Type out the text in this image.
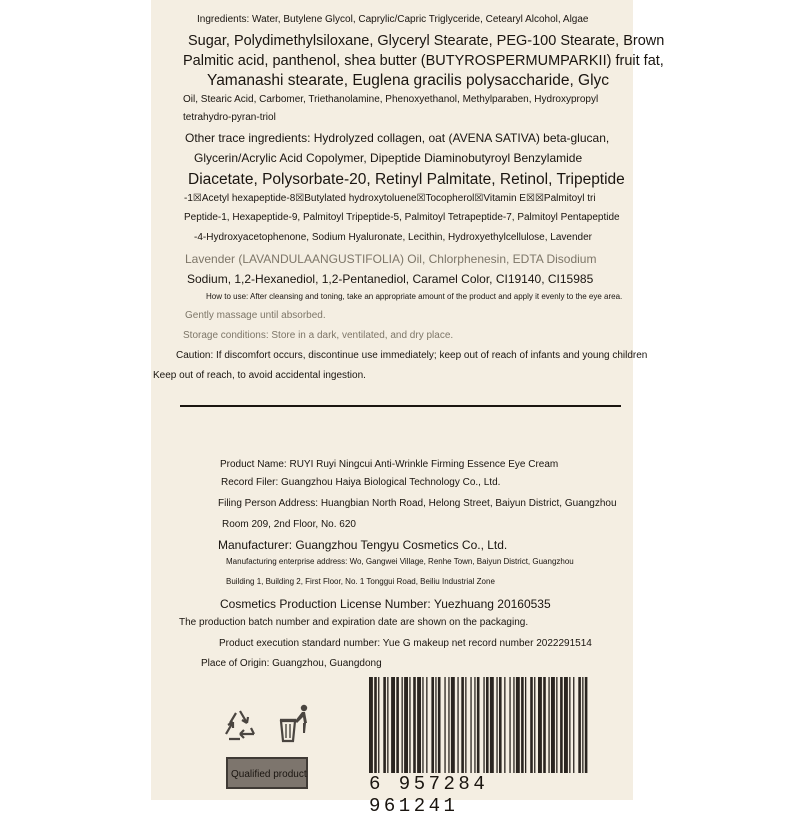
Ingredients: Water, Butylene Glycol, Caprylic/Capric Triglyceride, Cetearyl Alcohol, Algae
Sugar, Polydimethylsiloxane, Glyceryl Stearate, PEG-100 Stearate, Brown
Palmitic acid, panthenol, shea butter (BUTYROSPERMUMPARKII) fruit fat,
Yamanashi stearate, Euglena gracilis polysaccharide, Glyc
Oil, Stearic Acid, Carbomer, Triethanolamine, Phenoxyethanol, Methylparaben, Hydroxypropyl
tetrahydro-pyran-triol
Other trace ingredients: Hydrolyzed collagen, oat (AVENA SATIVA) beta-glucan,
Glycerin/Acrylic Acid Copolymer, Dipeptide Diaminobutyroyl Benzylamide
Diacetate, Polysorbate-20, Retinyl Palmitate, Retinol, Tripeptide
-1☒Acetyl hexapeptide-8☒Butylated hydroxytoluene☒Tocopherol☒Vitamin E☒☒Palmitoyl tri
Peptide-1, Hexapeptide-9, Palmitoyl Tripeptide-5, Palmitoyl Tetrapeptide-7, Palmitoyl Pentapeptide
-4-Hydroxyacetophenone, Sodium Hyaluronate, Lecithin, Hydroxyethylcellulose, Lavender
Lavender (LAVANDULAANGUSTIFOLIA) Oil, Chlorphenesin, EDTA Disodium
Sodium, 1,2-Hexanediol, 1,2-Pentanediol, Caramel Color, CI19140, CI15985
How to use: After cleansing and toning, take an appropriate amount of the product and apply it evenly to the eye area.
Gently massage until absorbed.
Storage conditions: Store in a dark, ventilated, and dry place.
Caution: If discomfort occurs, discontinue use immediately; keep out of reach of infants and young children
Keep out of reach, to avoid accidental ingestion.
Product Name: RUYI Ruyi Ningcui Anti-Wrinkle Firming Essence Eye Cream
Record Filer: Guangzhou Haiya Biological Technology Co., Ltd.
Filing Person Address: Huangbian North Road, Helong Street, Baiyun District, Guangzhou
Room 209, 2nd Floor, No. 620
Manufacturer: Guangzhou Tengyu Cosmetics Co., Ltd.
Manufacturing enterprise address: Wo, Gangwei Village, Renhe Town, Baiyun District, Guangzhou
Building 1, Building 2, First Floor, No. 1 Tonggui Road, Beiliu Industrial Zone
Cosmetics Production License Number: Yuezhuang 20160535
The production batch number and expiration date are shown on the packaging.
Product execution standard number: Yue G makeup net record number 2022291514
Place of Origin: Guangzhou, Guangdong
Qualified product	6 957284 961241
